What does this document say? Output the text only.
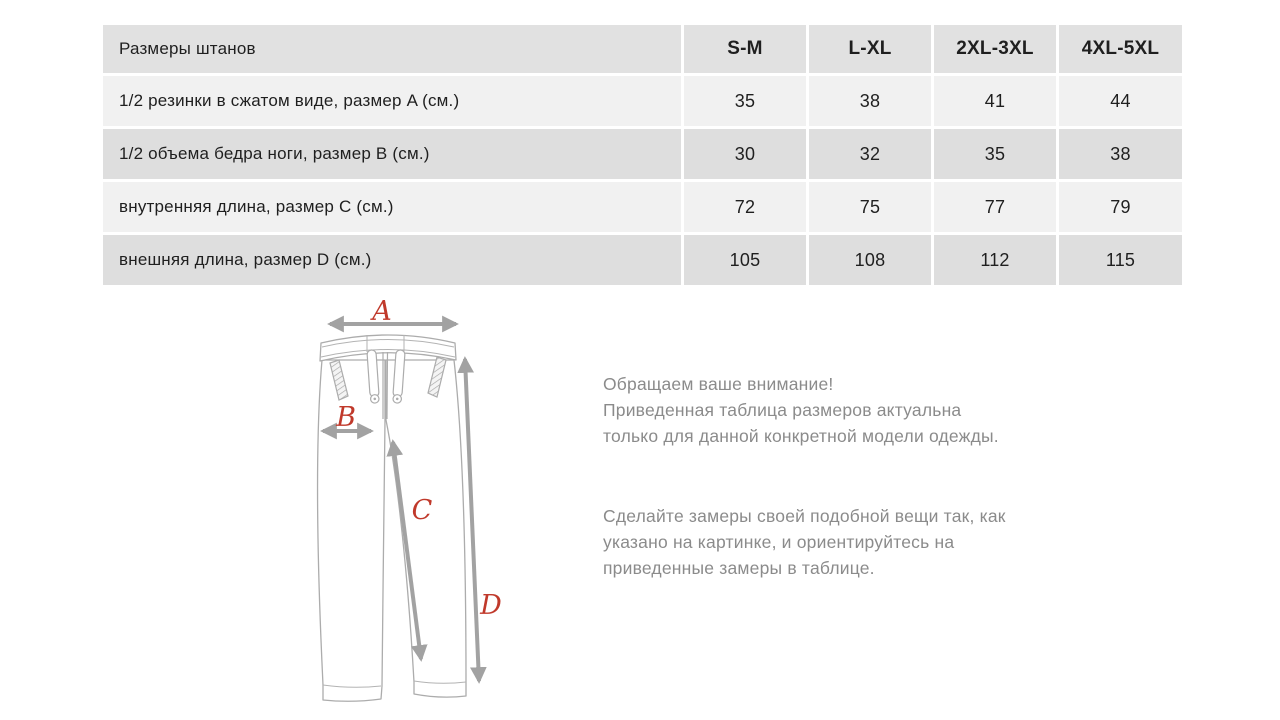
Размеры штанов	S-M	L-XL	2XL-3XL	4XL-5XL
1/2 резинки в сжатом виде, размер A (см.)	35	38	41	44
1/2 объема бедра ноги, размер B (см.)	30	32	35	38
внутренняя длина, размер C (см.)	72	75	77	79
внешняя длина, размер D (см.)	105	108	112	115
A
B
C
D
Обращаем ваше внимание!
Приведенная таблица размеров актуальна
только для данной конкретной модели одежды.
Сделайте замеры своей подобной вещи так, как
указано на картинке, и ориентируйтесь на
приведенные замеры в таблице.
